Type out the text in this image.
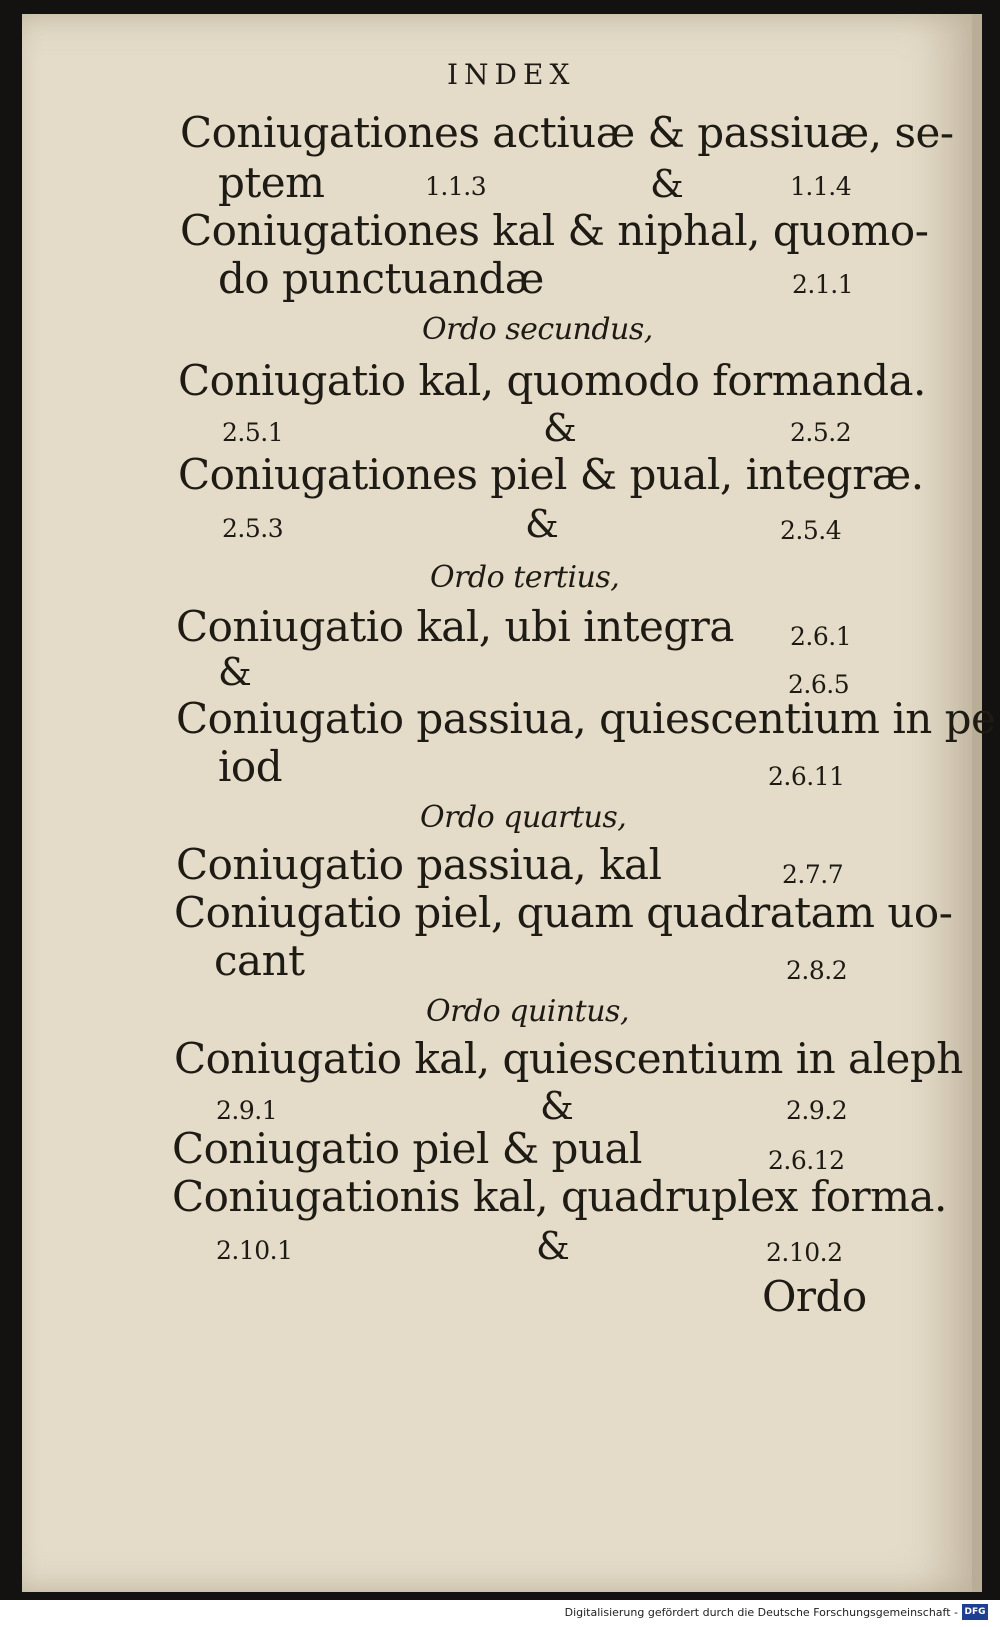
INDEX
Coniugationes actiuæ & passiuæ, se-
ptem	1.1.3	&	1.1.4
Coniugationes kal & niphal, quomo-
do punctuandæ	2.1.1
Ordo secundus,
Coniugatio kal, quomodo formanda.
2.5.1	&	2.5.2
Coniugationes piel & pual, integræ.
2.5.3	&	2.5.4
Ordo tertius,
Coniugatio kal, ubi integra 2.6.1
&	2.6.5
Coniugatio passiua, quiescentium in pe
iod	2.6.11
Ordo quartus,
Coniugatio passiua, kal	2.7.7
Coniugatio piel, quam quadratam uo-
cant	2.8.2
Ordo quintus,
Coniugatio kal, quiescentium in aleph
2.9.1	&	2.9.2
Coniugatio piel & pual	2.6.12
Coniugationis kal, quadruplex forma.
2.10.1	&	2.10.2
Ordo
Digitalisierung gefördert durch die Deutsche Forschungsgemeinschaft - DFG
